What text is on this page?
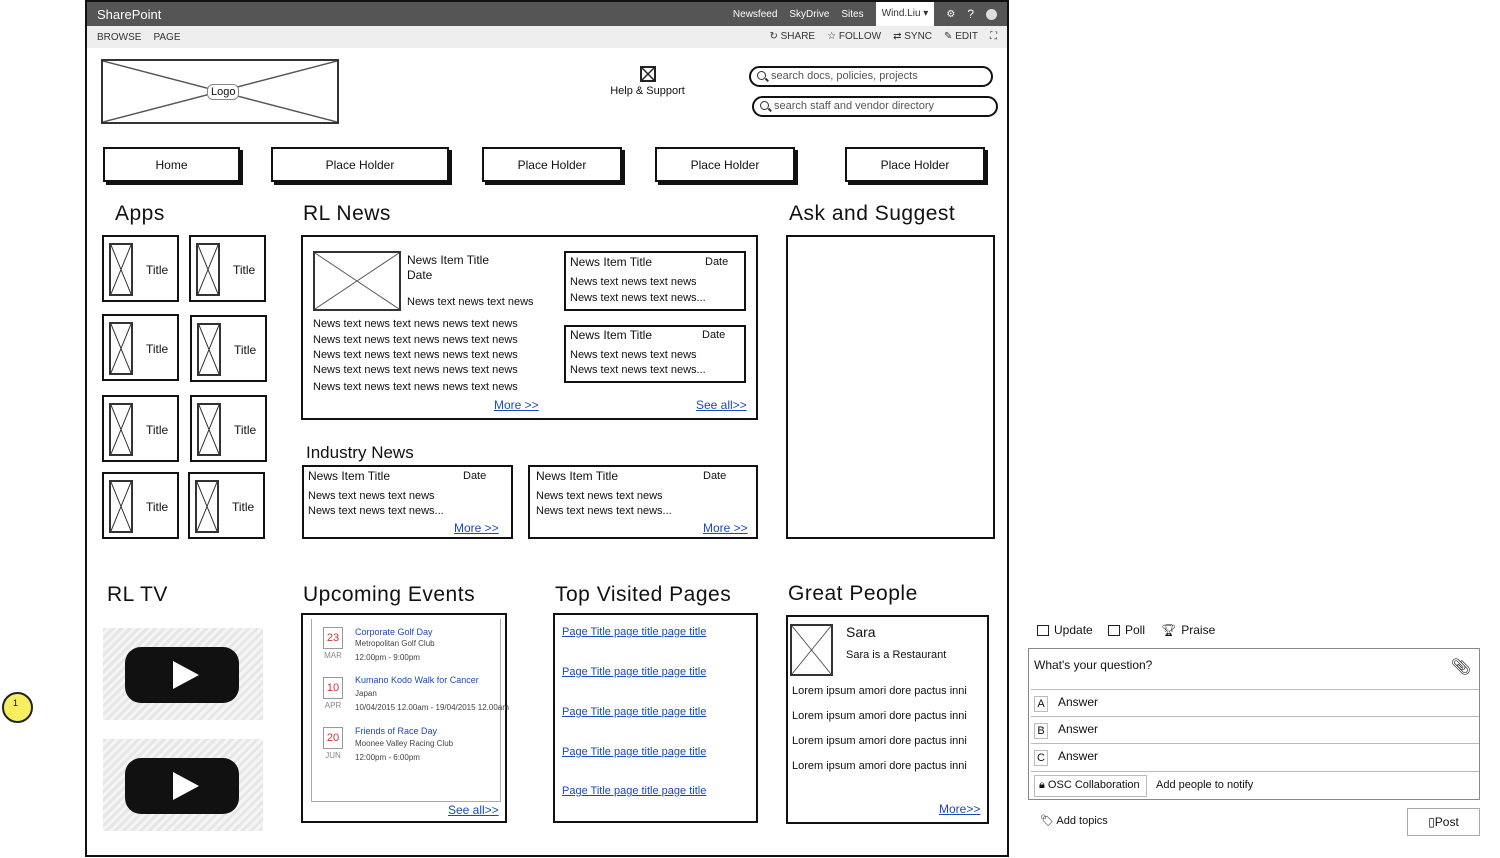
SharePoint	Newsfeed SkyDrive Sites	Wind.Liu ▾	⚙ ?
BROWSE PAGE	↻ SHARE ☆ FOLLOW ⇄ SYNC ✎ EDIT ⛶
Logo	Help & Support
search docs, policies, projects
search staff and vendor directory
Home	Place Holder	Place Holder	Place Holder	Place Holder
Apps	RL News	Ask and Suggest
Industry News
RL TV	Upcoming Events	Top Visited Pages	Great People
Title	Title
Title	Title
Title	Title
Title	Title
News Item Title
Date
News text news text news
News text news text news news text news
News text news text news news text news
News text news text news news text news
News text news text news news text news
News text news text news news text news
More >>	See all>>
News Item Title	Date
News text news text news
News text news text news...
News Item Title	Date
News text news text news
News text news text news...
News Item Title	Date
News text news text news
News text news text news...
More >>
News Item Title	Date
News text news text news
News text news text news...
More >>
23
MAR
Corporate Golf Day
Metropolitan Golf Club
12:00pm - 9:00pm
10
APR
Kumano Kodo Walk for Cancer
Japan
10/04/2015 12.00am - 19/04/2015 12.00am
20
JUN
Friends of Race Day
Moonee Valley Racing Club
12:00pm - 6:00pm
See all>>
Page Title page title page title
Page Title page title page title
Page Title page title page title
Page Title page title page title
Page Title page title page title
Sara
Sara is a Restaurant
Lorem ipsum amori dore pactus inni
Lorem ipsum amori dore pactus inni
Lorem ipsum amori dore pactus inni
Lorem ipsum amori dore pactus inni
More>>
1
Update	Poll 🏆︎ Praise
What's your question?	📎︎
A Answer
B Answer
C Answer
🔒︎ OSC Collaboration	Add people to notify
🏷︎ Add topics	▯Post
